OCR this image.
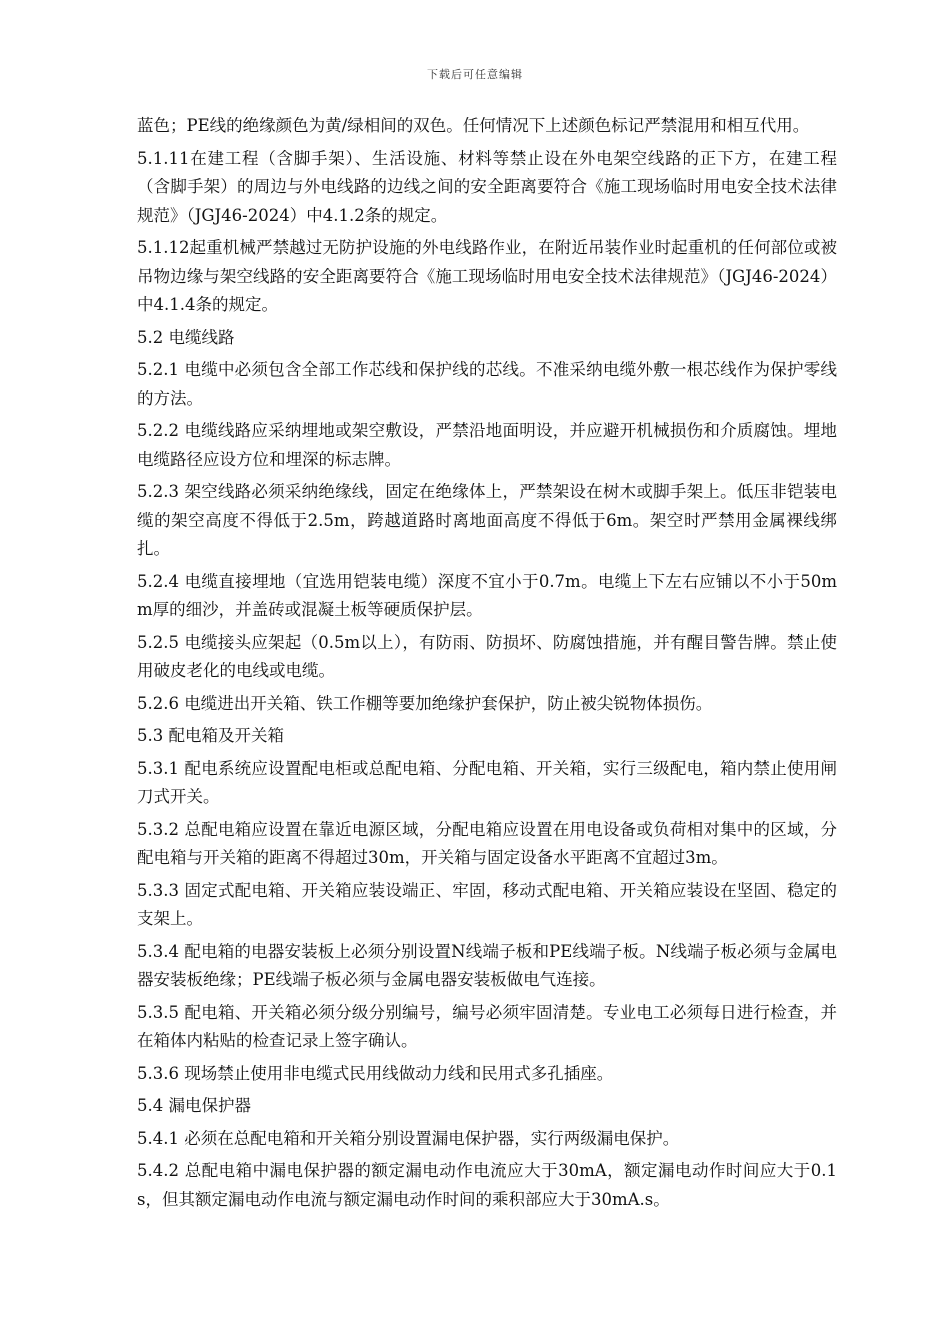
下载后可任意编辑

蓝色；PE线的绝缘颜色为黄/绿相间的双色。任何情况下上述颜色标记严禁混用和相互代用。

5.1.11在建工程（含脚手架）、生活设施、材料等禁止设在外电架空线路的正下方，在建工程（含脚手架）的周边与外电线路的边线之间的安全距离要符合《施工现场临时用电安全技术法律规范》（JGJ46-2024）中4.1.2条的规定。

5.1.12起重机械严禁越过无防护设施的外电线路作业，在附近吊装作业时起重机的任何部位或被吊物边缘与架空线路的安全距离要符合《施工现场临时用电安全技术法律规范》（JGJ46-2024）中4.1.4条的规定。

5.2 电缆线路

5.2.1 电缆中必须包含全部工作芯线和保护线的芯线。不准采纳电缆外敷一根芯线作为保护零线的方法。

5.2.2 电缆线路应采纳埋地或架空敷设，严禁沿地面明设，并应避开机械损伤和介质腐蚀。埋地电缆路径应设方位和埋深的标志牌。

5.2.3 架空线路必须采纳绝缘线，固定在绝缘体上，严禁架设在树木或脚手架上。低压非铠装电缆的架空高度不得低于2.5m，跨越道路时离地面高度不得低于6m。架空时严禁用金属裸线绑扎。

5.2.4 电缆直接埋地（宜选用铠装电缆）深度不宜小于0.7m。电缆上下左右应铺以不小于50mm厚的细沙，并盖砖或混凝土板等硬质保护层。

5.2.5 电缆接头应架起（0.5m以上），有防雨、防损坏、防腐蚀措施，并有醒目警告牌。禁止使用破皮老化的电线或电缆。

5.2.6 电缆进出开关箱、铁工作棚等要加绝缘护套保护，防止被尖锐物体损伤。

5.3 配电箱及开关箱

5.3.1 配电系统应设置配电柜或总配电箱、分配电箱、开关箱，实行三级配电，箱内禁止使用闸刀式开关。

5.3.2 总配电箱应设置在靠近电源区域，分配电箱应设置在用电设备或负荷相对集中的区域，分配电箱与开关箱的距离不得超过30m，开关箱与固定设备水平距离不宜超过3m。

5.3.3 固定式配电箱、开关箱应装设端正、牢固，移动式配电箱、开关箱应装设在坚固、稳定的支架上。

5.3.4 配电箱的电器安装板上必须分别设置N线端子板和PE线端子板。N线端子板必须与金属电器安装板绝缘；PE线端子板必须与金属电器安装板做电气连接。

5.3.5 配电箱、开关箱必须分级分别编号，编号必须牢固清楚。专业电工必须每日进行检查，并在箱体内粘贴的检查记录上签字确认。

5.3.6 现场禁止使用非电缆式民用线做动力线和民用式多孔插座。

5.4 漏电保护器

5.4.1 必须在总配电箱和开关箱分别设置漏电保护器，实行两级漏电保护。

5.4.2 总配电箱中漏电保护器的额定漏电动作电流应大于30mA，额定漏电动作时间应大于0.1s，但其额定漏电动作电流与额定漏电动作时间的乘积部应大于30mA.s。
